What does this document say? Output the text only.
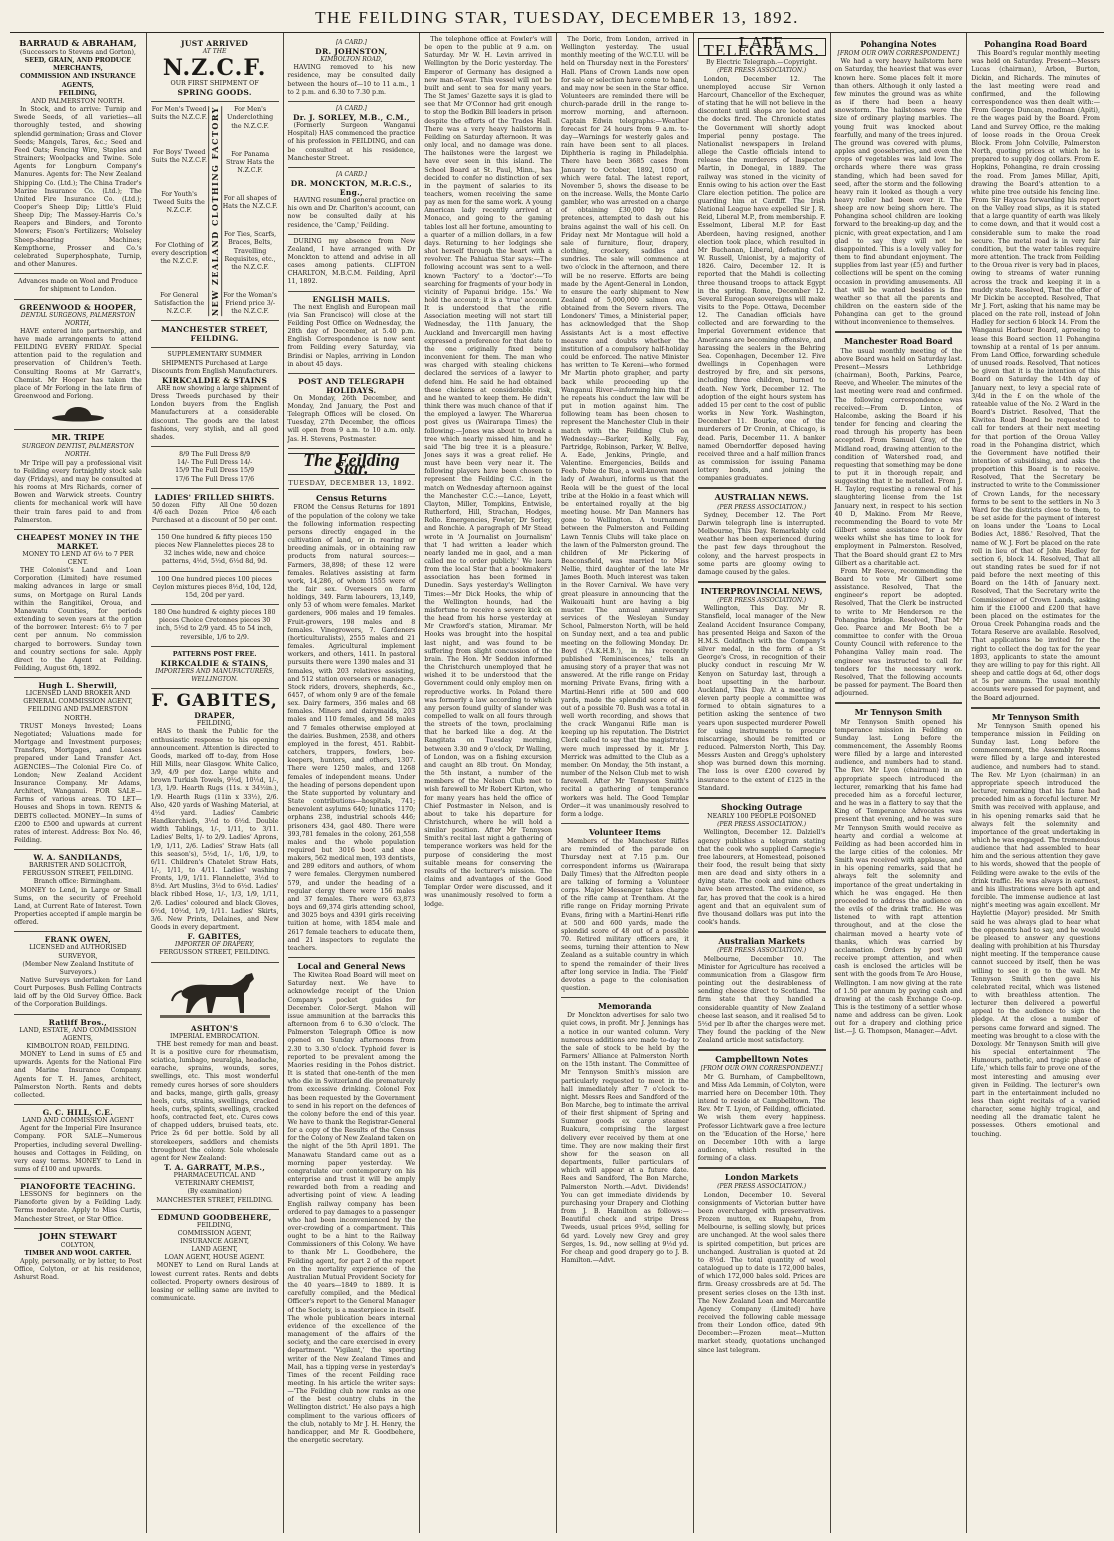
THE FEILDING STAR, TUESDAY, DECEMBER 13, 1892.
BARRAUD & ABRAHAM,
(Successors to Stevens and Gorton),
SEED, GRAIN, AND PRODUCE
MERCHANTS,
COMMISSION AND INSURANCE
AGENTS,
FEILDING,
AND PALMERSTON NORTH.

In Stock, and to arrive: Turnip and Swede Seeds, of all varieties—all thoroughly tested, and showing splendid germination; Grass and Clover Seeds; Mangels, Tares, &c.; Seed and Feed Oats; Fencing Wire, Staples and Strainers; Woolpacks and Twine. Sole Agents for Longburn Company's Manures. Agents for: The New Zealand Shipping Co. (Ltd.); The China Trader's Marine Insurance Co. (Ltd.); The United Fire Insurance Co. (Ltd.); Cooper's Sheep Dip; Little's Fluid Sheep Dip; The Massey-Harris Co.'s Reapers and Binders, and Toronto Mowers; Fison's Fertilizers; Wolseley Sheep-shearing Machines; Kempthorne, Prosser and Co.'s celebrated Superphosphate, Turnip, and other Manures.

Advances made on Wool and Produce for shipment to London.
GREENWOOD & HOOPER,
DENTAL SURGEONS, PALMERSTON NORTH,

HAVE entered into partnership, and have made arrangements to attend FEILDING EVERY FRIDAY. Special attention paid to the regulation and preservation of Children's Teeth. Consulting Rooms at Mr Garratt's, Chemist. Mr Hooper has taken the place of Mr Forlong in the late firm of Greenwood and Forlong.

MR. TRIPE
SURGEON DENTIST, PALMERSTON NORTH.

Mr Tripe will pay a professional visit to Feilding every fortnightly stock sale day (Fridays), and may be consulted at his rooms at Mrs Richards, corner of Bowen and Warwick streets. Country clients for mechanical work will have their train fares paid to and from Palmerston.

CHEAPEST MONEY IN THE MARKET.
MONEY TO LEND AT 6½ to 7 PER CENT.

THE Colonist's Land and Loan Corporation (Limited) have resumed making advances in large or small sums, on Mortgage on Rural Lands within the Rangitikei, Oroua, and Manawatu Counties, for periods extending to seven years at the option of the borrower. Interest: 6½ to 7 per cent per annum. No commission charged to borrowers. Sunday town and country sections for sale. Apply direct to the Agent at Feilding. Feilding, August 6th, 1892.

Hugh L. Sherwill,
LICENSED LAND BROKER AND
GENERAL COMMISSION AGENT,
FEILDING AND PALMERSTON NORTH.

TRUST Moneys Invested; Loans Negotiated; Valuations made for Mortgage and Investment purposes; Transfers, Mortgages, and Leases prepared under Land Transfer Act. AGENCIES—The Colonial Fire Co. of London; New Zealand Accident Insurance Company. Mr Adams, Architect, Wanganui. FOR SALE—Farms of various areas. TO LET—Houses and Shops in town. RENTS & DEBTS collected. MONEY—In sums of £200 to £500 and upwards at current rates of interest. Address: Box No. 46, Feilding.

W. A. SANDILANDS,
BARRISTER AND SOLICITOR,
FERGUSSON STREET, FEILDING.
Branch office: Birmingham.

MONEY to Lend, in Large or Small Sums, on the security of Freehold Land, at Current Rate of Interest. Town Properties accepted if ample margin be offered.

FRANK OWEN,
LICENSED and AUTHORISED
SURVEYOR,
(Member New Zealand Institute of Surveyors.)

Native Surveys undertaken for Land Court Purposes. Bush Felling Contracts laid off by the Old Survey Office. Back of the Corporation Buildings.

Ratliff Bros.,
LAND, ESTATE, AND COMMISSION AGENTS,
KIMBOLTON ROAD, FEILDING.

MONEY to Lend in sums of £5 and upwards. Agents for the National Fire and Marine Insurance Company. Agents for T. H. James, architect, Palmerston North. Rents and debts collected.

G. C. HILL, C.E.
LAND AND COMMISSION AGENT

Agent for the Imperial Fire Insurance Company. FOR SALE—Numerous Properties, including several Dwelling-houses and Cottages in Feilding, on very easy terms. MONEY to Lend in sums of £100 and upwards.

PIANOFORTE TEACHING.

LESSONS for beginners on the Pianoforte given by a Feilding Lady. Terms moderate. Apply to Miss Curtis, Manchester Street, or Star Office.

JOHN STEWART
COLYTON,
TIMBER AND WOOL CARTER.

Apply, personally, or by letter, to Post Office, Colyton, or at his residence, Ashurst Road.

JUST ARRIVED
AT THE
N.Z.C.F.
OUR FIRST SHIPMENT OF
SPRING GOODS.
For Men's Tweed Suits the N.Z.C.F.
For Boys' Tweed Suits the N.Z.C.F.
For Youth's Tweed Suits the N.Z.C.F.
For Clothing of every description the N.Z.C.F.
For General Satisfaction the N.Z.C.F.	NEW ZEALAND CLOTHING FACTORY	For Men's Underclothing the N.Z.C.F.
For Panama Straw Hats the N.Z.C.F.
For all shapes of Hats the N.Z.C.F.
For Ties, Scarfs, Braces, Belts, Travelling Requisites, etc., the N.Z.C.F.
For the Woman's Friend price 3/- the N.Z.C.F.
MANCHESTER STREET, FEILDING.
SUPPLEMENTARY SUMMER SHIPMENTS Purchased at Large Discounts from English Manufacturers.
KIRKCALDIE & STAINS

ARE now showing a large shipment of Dress Tweeds purchased by their London buyers from the English Manufacturers at a considerable discount. The goods are the latest fashions, very stylish, and all good shades.

8/9 The Full Dress 8/9
14/- The Full Dress 14/-
15/9 The Full Dress 15/9
17/6 The Full Dress 17/6
LADIES' FRILLED SHIRTS.
50 dozen 4/6 each
Fifty Dozen
All One Price
50 dozen 4/6 each
Purchased at a discount of 50 per cent.
150 One hundred & fifty pieces 150 pieces New Flannelettes pieces 28 to 32 inches wide, new and choice patterns, 4½d, 5½d, 6½d 8d, 9d.
100 One hundred pieces 100 pieces Ceylon mixtures pieces 8½d, 10d, 12d, 15d, 20d per yard.
180 One hundred & eighty pieces 180 pieces Choice Cretonnes pieces 30 inch, 5½d to 2/9 yard. 45 to 54 inch, reversible, 1/6 to 2/9.
PATTERNS POST FREE.
KIRKCALDIE & STAINS,
IMPORTERS AND MANUFACTURERS, WELLINGTON.
F. GABITES,
DRAPER,
FEILDING,

HAS to thank the Public for the enthusiastic response to his opening announcement. Attention is directed to Goods, marked off to-day, from Hose Hill Mills, near Glasgow. White Calico, 3/9, 4/9 per doz. Large white and brown Turkish Towels, 9½d, 10½d, 1/-, 1/3, 1/9. Hearth Rugs (11s. x 34½in.), 1/9. Hearth Rugs (11in x 33½), 2/6. Also, 420 yards of Washing Material, at 4½d yard. Ladies' Cambric Handkerchiefs, 3½d to 6½d. Double width Tablings, 1/-, 1/11, to 3/11. Ladies' Belts, 1/- to 2/9. Ladies' Aprons, 1/9, 1/11, 2/6. Ladies' Straw Hats (all this season's), 5½d, 1/-, 1/6, 1/9, to 6/11. Children's Chatelet Straw Hats, 1/-, 1/11, to 4/11. Ladies' washing Fronts, 1/9, 1/11. Flannelette, 3½d to 8½d. Art Muslins, 3½d to 6½d. Ladies' black ribbed Hose, 1/-, 1/3, 1/9, 1/11, 2/6. Ladies' coloured and black Gloves, 6½d, 10½d, 1/9, 1/11. Ladies' Skirts, 3/6. New Prints, Delaines, and New Goods in every department.

F. GABITES,
IMPORTER OF DRAPERY,
FERGUSSON STREET, FEILDING.
ASHTON'S
IMPERIAL EMBROCATION.

THE best remedy for man and beast. It is a positive cure for rheumatism, sciatica, lumbago, neuralgia, headache, earache, sprains, wounds, sores, swellings, etc. This most wonderful remedy cures horses of sore shoulders and backs, mange, girth galls, greasy heels, cuts, strains, swellings, cracked heels, curbs, splints, swellings, cracked hoofs, contracted feet, etc. Cures cows of chapped udders, bruised teats, etc. Price 2s 6d per bottle. Sold by all storekeepers, saddlers and chemists throughout the colony. Sole wholesale agent for New Zealand:

T. A. GARRATT, M.P.S.,
PHARMACEUTICAL AND VETERINARY CHEMIST,
(By examination)
MANCHESTER STREET, FEILDING.
EDMUND GOODBEHERE,
FEILDING,
COMMISSION AGENT,
INSURANCE AGENT,
LAND AGENT,
LOAN AGENT, HOUSE AGENT.

MONEY to Lend on Rural Lands at lowest current rates. Rents and debts collected. Property owners desirous of leasing or selling same are invited to communicate.

[A CARD.]
DR. JOHNSTON,
KIMBOLTON ROAD,

HAVING removed to his new residence, may be consulted daily between the hours of—10 to 11 a.m., 1 to 2 p.m. and 6.30 to 7.30 p.m.

[A CARD.]
Dr. J. SORLEY, M.B., C.M.,

(Formerly Surgeon Wanganui Hospital) HAS commenced the practice of his profession in FEILDING, and can be consulted at his residence, Manchester Street.

[A CARD.]
DR. MONCKTON, M.R.C.S., Eng.,

HAVING resumed general practice on his own and Dr. Charlton's account, can now be consulted daily at his residence, the 'Camp,' Feilding.

DURING my absence from New Zealand, I have arranged with Dr Monckton to attend and advise in all cases among patients. CLIFTON CHARLTON, M.B.C.M. Feilding, April 11, 1892.

ENGLISH MAILS.

The next English and European mail (via San Francisco) will close at the Feilding Post Office on Wednesday, the 28th day of December, at 5.40 p.m. English Correspondence is now sent from Feilding every Saturday, via Brindisi or Naples, arriving in London in about 45 days.

POST AND TELEGRAPH HOLIDAYS.

On Monday, 26th December, and Monday, 2nd January, the Post and Telegraph Offices will be closed. On Tuesday, 27th December, the offices will open from 9 a.m. to 10 a.m. only. Jas. H. Stevens, Postmaster.

The Feilding Star.
TUESDAY, DECEMBER 13, 1892.
Census Returns

FROM the Census Returns for 1891 of the population of the colony we take the following information respecting persons directly engaged in the cultivation of land, or in rearing or breeding animals, or in obtaining raw products from natural sources:—Farmers, 38,898; of these 12 were females. Relatives assisting at farm work, 14,286, of whom 1555 were of the fair sex. Overseers on farm holdings, 349. Farm labourers, 13,149, only 53 of whom were females. Market gardeners, 906 males and 19 females. Fruit-growers, 198 males and 8 females. Vinegrowers, 7. Gardeners (horticulturalists), 2555 males and 21 females. Agricultural implement workers, and others, 1411. In pastoral pursuits there were 1390 males and 31 females, with 203 relatives assisting, and 512 station overseers or managers. Stock riders, drovers, shepherds, &c., 6457, of whom only 9 are of the female sex. Dairy farmers, 356 males and 68 females. Miners and dairymaids, 203 males and 110 females, and 58 males and 7 females otherwise employed at the dairies. Bushmen, 2538, and others employed in the forest, 451. Rabbit-catchers, trappers, fowlers, bee-keepers, hunters, and others, 1307. There were 1250 males, and 1268 females of independent means. Under the heading of persons dependent upon the State supported by voluntary and State contributions—hospitals, 741; benevolent asylums 640; lunatics 1170; orphans 238, industrial schools 446; prisoners 434, gaol 480. There were 393,781 females in the colony, 261,558 males and the whole population required but 3016 boot and shoe makers, 562 medical men, 193 dentists, and 289 editors and authors, of whom 7 were females. Clergymen numbered 579, and under the heading of a regular clergy there were 156 males and 37 females. There were 63,873 boys and 69,374 girls attending school, and 3025 boys and 4391 girls receiving tuition at home, with 1854 male and 2617 female teachers to educate them, and 21 inspectors to regulate the teachers.

Local and General News

The Kiwitea Road Board will meet on Saturday next. We have to acknowledge receipt of the Union Company's pocket guides for December. Color-Sergt. Mahon will issue ammunition at the barracks this afternoon from 6 to 6.30 o'clock. The Palmerston Telegraph Office is now opened on Sunday afternoons from 2.30 to 3.30 o'clock. Typhoid fever is reported to be prevalent among the Maories residing in the Pohos district. It is stated that one-tenth of the men who die in Switzerland die prematurely from excessive drinking. Colonel Fox has been requested by the Government to send in his report on the defences of the colony before the end of this year. We have to thank the Registrar-General for a copy of the Results of the Census for the Colony of New Zealand taken on the night of the 5th April 1891. The Manawatu Standard came out as a morning paper yesterday. We congratulate our contemporary on his enterprise and trust it will be amply rewarded both from a reading and advertising point of view. A leading English railway company has been ordered to pay damages to a passenger who had been inconvenienced by the over-crowding of a compartment. This ought to be a hint to the Railway Commissioners of this Colony. We have to thank Mr L. Goodbehere, the Feilding agent, for part 2 of the report on the mortality experience of the Australian Mutual Provident Society for the 40 years—1849 to 1889. It is carefully compiled, and the Medical Officer's report to the General Manager of the Society, is a masterpiece in itself. The whole publication bears internal evidence of the excellence of the management of the affairs of the society, and the care exercised in every department. 'Vigilant,' the sporting writer of the New Zealand Times and Mail, has a tipping verse in yesterday's Times of the recent Feilding race meeting. In his article the writer says:—'The Feilding club now ranks as one of the best country clubs in the Wellington district.' He also pays a high compliment to the various officers of the club, notably to Mr J. H. Henry, the handicapper, and Mr R. Goodbehere, the energetic secretary.

The telephone office at Fowler's will be open to the public at 9 a.m. on Saturday. Mr W. H. Levin arrived in Wellington by the Doric yesterday. The Emperor of Germany has designed a new man-of-war. This vessel will not be built and sent to sea for many years. The St James' Gazette says it is glad to see that Mr O'Connor had grit enough to stop the Bodkin Bill leaders in prison despite the efforts of the Trades Hall. There was a very heavy hailstorm in Feilding on Saturday afternoon. It was only local, and no damage was done. The hailstones were the largest we have ever seen in this island. The School Board at St. Paul, Minn., has decided to confer no distinction of sex in the payment of salaries to its teachers, women receiving the same pay as men for the same work. A young American lady recently arrived at Monaco, and going to the gaming tables lost all her fortune, amounting to a quarter of a million dollars, in a few days. Returning to her lodgings she shot herself through the heart with a revolver. The Pahiatua Star says:—The following account was sent to a well-known 'Factory' to a 'doctor':—'To searching for fragments of your body in vicinity of Papanui bridge. 15s.' We hold the account; it is a 'true' account. It is understood that the rifle Association meeting will not start till Wednesday, the 11th January, the Auckland and Invercargill men having expressed a preference for that date to the one originally fixed being inconvenient for them. The man who was charged with stealing chickens declared the services of a lawyer to defend him. He said he had obtained these chickens at considerable risk, and he wanted to keep them. He didn't think there was much chance of that if the employed a lawyer. The Wharerua post gives us (Wairarapa Times) the following:—Jones was about to break a tree which nearly missed him, and he said 'The big tree it is a pleasure.' Jones says it was a great relief. He must have been very near it. The following players have been chosen to represent the Feilding C.C. in the match on Wednesday afternoon against the Manchester C.C.:—Lance, Leyett, Clayton, Miller, Tompkins, Entwisle, Rutherford, Hill, Strachan, Hodges, Rollo. Emergencies, Fowler, Dr Sorley, and Ronchie. A paragraph of Mr Stead wrote in 'A Journalist on Journalism' that 'I had written a leader which nearly landed me in gaol, and a man called me to order publicly.' We learn from the local Star that a bookmakers' association has been formed in Dunedin. Says yesterday's Wellington Times:—Mr Dick Hooks, the whip of the Wellington hounds, had the misfortune to receive a severe kick on the head from his horse yesterday at Mr Crawford's station, Miramar. Mr Hooks was brought into the hospital last night, and was found to be suffering from slight concussion of the brain. The Hon. Mr Seddon informed the Christchurch unemployed that he wished it to be understood that the Government could only employ men on reproductive works. In Poland there was formerly a law according to which any person found guilty of slander was compelled to walk on all fours through the streets of the town, proclaiming that he barked like a dog. At the Rangitata on Tuesday morning, between 3.30 and 9 o'clock, Dr Walling, of London, was on a fishing excursion and caught an 8lb trout. On Monday, the 5th instant, a number of the members of the Nelson Club met to wish farewell to Mr Robert Kirton, who for many years has held the office of Chief Postmaster in Nelson, and is about to take his departure for Christchurch, where he will hold a similar position. After Mr Tennyson Smith's recital last night a gathering of temperance workers was held for the purpose of considering the most suitable means for conserving the results of the lecturer's mission. The claims and advantages of the Good Templar Order were discussed, and it was unanimously resolved to form a lodge.

The Doric, from London, arrived in Wellington yesterday. The usual monthly meeting of the W.C.T.U. will be held on Thursday next in the Foresters' Hall. Plans of Crown Lands now open for sale or selection have come to hand, and may now be seen in the Star office. Volunteers are reminded there will be church-parade drill in the range to-morrow morning, and afternoon. Captain Edwin telegraphs:—Weather forecast for 24 hours from 9 a.m. to-day—Warnings for westerly gales and rain have been sent to all places. Diphtheria is raging in Philadelphia. There have been 3685 cases from January to October, 1892, 1050 of which were fatal. The latest report, November 5, shows the disease to be on the increase. Wells, the Monte Carlo gambler, who was arrested on a charge of obtaining £30,000 by false pretences, attempted to dash out his brains against the wall of his cell. On Friday next Mr Montague will hold a sale of furniture, flour, drapery, clothing, crockery, saddles and sundries. The sale will commence at two o'clock in the afternoon, and there will be no reserve. Efforts are being made by the Agent-General in London, to ensure the early shipment to New Zealand of 5,000,000 salmon ova, obtained from the Severn rivers. The Londoners' Times, a Ministerial paper, has acknowledged that the Shop Assistants Act is a most effective measure and doubts whether the institution of a compulsory half-holiday could be enforced. The native Minister has written to Te Kereni—who formed Mr Martin photo grapher, and party back while proceeding up the Wanganui River—informing him that if he repeats his conduct the law will be put in motion against him. The following team has been chosen to represent the Manchester Club in their match with the Feilding Club on Wednesday:—Barker, Kelly, Fay, Partridge, Robinson, Parker, W. Bellve, A. Eade, Jenkins, Pringle, and Valentine. Emergencies, Beilds and Feeb. Pobe de Rue, a well-known maori lady of Awahuri, informs us that the Reola will be the guest of the local tribe at the Hokio in a feast which will be entertained royally at the big meeting house. Mr Dan Manners has gone to Wellington. A tournament between the Palmerston and Feilding Lawn Tennis Clubs will take place on the lawn of the Palmerston ground. The children of Mr Pickering of Beaconsfield, was married to Miss Nellie, third daughter of the late Mr James Booth. Much interest was taken in the Rover Carnival. We have very great pleasure in announcing that the Waikouaiti hunt are having a big muster. The annual anniversary services of the Wesleyan Sunday School, Palmerston North, will be held on Sunday next, and a tea and public meeting on the following Monday. Dr. Boyd ('A.K.H.B.'), in his recently published 'Reminiscences,' tells an amusing story of a prayer that was not answered. At the rifle range on Friday morning Private Evans, firing with a Martini-Henri rifle at 500 and 600 yards, made the splendid score of 48 out of a possible 70. Bush was a total in well worth recording, and shows that the crack Wanganui Rifle man is keeping up his reputation. The District Clerk called to say that the magistrates were much impressed by it. Mr J. Merrick was admitted to the Club as a member. On Monday, the 5th instant, a number of the Nelson Club met to wish farewell. After Mr Tennyson Smith's recital a gathering of temperance workers was held. The Good Templar Order—it was unanimously resolved to form a lodge.

Volunteer Items

Members of the Manchester Rifles are reminded of the parade on Thursday next at 7.15 p.m. Our correspondent informs us (Wairarapa Daily Times) that the Alfredton people are talking of forming a Volunteer corps. Major Messenger takes charge of the rifle camp at Trentham. At the rifle range on Friday morning Private Evans, firing with a Martini-Henri rifle at 500 and 600 yards, made the splendid score of 48 out of a possible 70. Retired military officers are, it seems, turning their attention to New Zealand as a suitable country in which to spend the remainder of their lives after long service in India. The 'Field' devotes a page to the colonisation question.

Memoranda

Dr Monckton advertises for salo two quiet cows, in profit. Mr J. Jennings has a notice in our wanted column. Very numerous additions are made to-day to the sale of stock to be held by the Farmers' Alliance at Palmerston North on the 15th instant. The Committee of Mr Tennyson Smith's mission are particularly requested to meet in the hall immediately after 7 o'clock to-night. Messrs Rees and Sandford of the Bon Marche, beg to intimate the arrival of their first shipment of Spring and Summer goods ex cargo steamer Ruakura, comprising the largest delivery ever received by them at one time. They are now making their first show for the season on all departments, fuller particulars of which will appear at a future date. Rees and Sandford, The Bon Marche, Palmerston North.—Advt. Dividends! You can get immediate dividends by purchasing your Drapery and Clothing from J. B. Hamilton as follows:—Beautiful check and stripe Dress Tweeds, usual prices 9½d, selling for 6d yard. Lovely new Grey and grey Serges, 1s. 9d., now selling at 9½d yd. For cheap and good drapery go to J. B. Hamilton.—Advt.

LATE TELEGRAMS.
By Electric Telegraph.—Copyright.
(PER PRESS ASSOCIATION.)

London, December 12. The unemployed accuse Sir Vernon Harcourt, Chancellor of the Exchequer, of stating that he will not believe in the discontent until shops are looted and the docks fired. The Chronicle states the Government will shortly adopt Imperial penny postage. The Nationalist newspapers in Ireland allege the Castle officials intend to release the murderers of Inspector Martin, in Donegal, in 1889. The railway was stoned in the vicinity of Ennis owing to his action over the East Clare election petition. The police are guarding him at Cardiff. The Irish National League have expelled Sir J. R. Reid, Liberal M.P., from membership. F. Esselmont, Liberal M.P. for East Aberdeen, having resigned, another election took place, which resulted in Mr Buchanan, Liberal, defeating Col. W. Russell, Unionist, by a majority of 1826. Cairo, December 12. It is reported that the Mahdi is collecting three thousand troops to attack Egypt in the spring. Rome, December 12. Several European sovereigns will make visits to the Pope. Ottawa, December 12. The Canadian officials have collected and are forwarding to the Imperial Government evidence that Americans are becoming offensive, and harassing the sealers in the Behring Sea. Copenhagen, December 12. Five dwellings in Copenhagen were destroyed by fire, and six persons, including three children, burned to death. New York, December 12. The adoption of the eight hours system has added 15 per cent to the cost of public works in New York. Washington, December 11. Bourke, one of the murderers of Dr Cronin, at Chicago, is dead. Paris, December 11. A banker named Oberndorffer deposed having received three and a half million francs as commission for issuing Panama lottery bonds, and joining the companies graduates.

AUSTRALIAN NEWS.
(PER PRESS ASSOCIATION.)

Sydney, December 12. The Port Darwin telegraph line is interrupted. Melbourne, This Day. Remarkably cold weather has been experienced during the past few days throughout the colony, and the harvest prospects in some parts are gloomy owing to damage caused by the gales.

INTERPROVINCIAL NEWS,
(PER PRESS ASSOCIATION.)

Wellington, This Day. Mr R. Stansfield, local manager of the New Zealand Accident Insurance Company, has presented Heiga and Saxon of the H.M.S. Goldfinch with the Company's silver medal, in the form of a St George's Cross, in recognition of their plucky conduct in rescuing Mr W. Kenyon on Saturday last, through a boat upsetting in the harbour. Auckland, This Day. At a meeting of eleven party people a committee was formed to obtain signatures to a petition asking the sentence of two years upon suspected murderer Powell for using instruments to procure miscarriage, should be remitted or reduced. Palmerston North, This Day. Messrs Austen and Gregg's upholstery shop was burned down this morning. The loss is over £200 covered by insurance to the extent of £125 in the Standard.

Shocking Outrage
NEARLY 100 PEOPLE POISONED
(PER PRESS ASSOCIATION.)

Wellington, December 12. Dalziell's agency publishes a telegram stating that the cook who supplied Carnegie's free labourers, at Homestead, poisoned their food, the result being that sixty men are dead and sixty others in a dying state. The cook and nine others have been arrested. The evidence, so far, has proved that the cook is a hired agent and that an equivalent sum of five thousand dollars was put into the cook's hands.

Australian Markets
(PER PRESS ASSOCIATION.)

Melbourne, December 10. The Minister for Agriculture has received a communication from a Glasgow firm pointing out the desirableness of sending cheese direct to Scotland. The firm state that they handled a considerable quantity of New Zealand cheese last season, and it realised 5d to 5½d per lb after the charges were met. They found the packing of the New Zealand article most satisfactory.

Campbelltown Notes
[FROM OUR OWN CORRESPONDENT.]

Mr G. Burnham, of Campbelltown, and Miss Ada Lemmin, of Colyton, were married here on December 10th. They intend to reside at Campbelltown. The Rev. Mr T. Lyon, of Feilding, officiated. We wish them every happiness. Professor Lichtwark gave a free lecture on the 'Education of the Horse,' here on December 10th with a large audience, which resulted in the forming of a class.

London Markets
(PER PRESS ASSOCIATION.)

London, December 10. Several consignments of Victorian butter have been overcharged with preservatives. Frozen mutton, ex Ruapehu, from Melbourne, is selling slowly, but prices are unchanged. At the wool sales there is spirited competition, but prices are unchanged. Australian is quoted at 2d to 8½d. The total quantity of wool catalogued up to date is 172,000 bales, of which 172,000 bales sold. Prices are firm. Greasy crossbreds are at 5d. The present series closes on the 13th inst. The New Zealand Loan and Mercantile Agency Company (Limited) have received the following cable message from their London office, dated 9th December:—Frozen meat—Mutton market steady, quotations unchanged since last telegram.

Pohangina Notes
[FROM OUR OWN CORRESPONDENT.]

We had a very heavy hailstorm here on Saturday, the heaviest that was ever known here. Some places felt it more than others. Although it only lasted a few minutes the ground was as white as if there had been a heavy snowstorm. The hailstones were the size of ordinary playing marbles. The young fruit was knocked about fearfully, and many of the trees injured. The ground was covered with plums, apples and gooseberries, and even the crops of vegetables was laid low. The orchards where there was grass standing, which had been saved for seed, after the storm and the following heavy rain it looked as though a very heavy roller had been over it. The sheep are now being shorn here. The Pohangina school children are looking forward to the breaking-up day, and the picnic, with great expectation, and I am glad to say they will not be disappointed. This is a lovely valley for them to find abundant enjoyment. The supplies from last year (£5) and further collections will be spent on the coming occasion in providing amusements. All that will be wanted besides is fine weather so that all the parents and children on the eastern side of the Pohangina can get to the ground without inconvenience to themselves.

Manchester Road Board

The usual monthly meeting of the above Board was held on Saturday last. Present—Messrs Lethbridge (chairman), Booth, Parkins, Pearce, Reeve, and Wheeler. The minutes of the last meeting were read and confirmed. The following correspondence was received:—From D. Linton, of Halcombe, asking the Board if his tender for fencing and clearing the road through his property has been accepted. From Samuel Gray, of the Midland road, drawing attention to the condition of Watershed road, and requesting that something may be done to put it in thorough repair, and suggesting that it be metalled. From J. H. Taylor, requesting a renewal of his slaughtering license from the 1st January next, in respect to his section 40 D, Makino. From Mr Reeve, recommending the Board to vote Mr Gilbert some assistance for a few weeks whilst she has time to look for employment in Palmerston. Resolved, That the Board should grant £2 to Mrs Gilbert as a charitable act.

From Mr Reeve, recommending the Board to vote Mr Gilbert some assistance. Resolved, That the engineer's report be adopted. Resolved, That the Clerk be instructed to write to Mr Henderson re the Pohangina bridge. Resolved, That Mr Geo. Pearce and Mr Booth be a committee to confer with the Oroua County Council with reference to the Pohangina Valley main road. The engineer was instructed to call for tenders for the necessary work. Resolved, That the following accounts be passed for payment. The Board then adjourned.

Mr Tennyson Smith

Mr Tennyson Smith opened his temperance mission in Feilding on Sunday last. Long before the commencement, the Assembly Rooms were filled by a large and interested audience, and numbers had to stand. The Rev. Mr Lyon (chairman) in an appropriate speech introduced the lecturer, remarking that his fame had preceded him as a forceful lecturer, and he was in a flattery to say that the King of Temperance Advocates was present that evening, and he was sure Mr Tennyson Smith would receive as hearty and cordial a welcome at Feilding as had been accorded him in the large cities of the colonies. Mr Smith was received with applause, and in his opening remarks, said that he always felt the solemnity and importance of the great undertaking in which he was engaged. He then proceeded to address the audience on the evils of the drink traffic. He was listened to with rapt attention throughout, and at the close the chairman moved a hearty vote of thanks, which was carried by acclamation. Orders by post will receive prompt attention, and when cash is enclosed the articles will be sent with the goods from Te Aro House, Wellington. I am now giving at the rate of 1.50 per annum by paying cash and drawing at the cash Exchange Co-op. This is the testimony of a settler whose name and address can be given. Look out for a drapery and clothing price list.—J. G. Thompson, Manager.—Advt.

Pohangina Road Board

This Board's regular monthly meeting was held on Saturday. Present—Messrs Lucas (chairman), Arbon, Burton, Dickin, and Richards. The minutes of the last meeting were read and confirmed, and the following correspondence was then dealt with:—From George Duncan, roadman (Apiti), re the wages paid by the Board. From Land and Survey Office, re the making of loose roads in the Oroua Creek Block. From John Colville, Palmerston North, quoting prices at which he is prepared to supply dog collars. From E. Hopkins, Pohangina, re drain crossing the road. From James Millar, Apiti, drawing the Board's attention to a white pine tree outside his fencing line. From Sir Haycas forwarding his report on the Valley road slips, as it is stated that a large quantity of earth was likely to come down, and that it would cost a considerable sum to make the road secure. The metal road is in very fair condition, but the water tables require more attention. The track from Feilding to the Oroua river is very bad in places, owing to streams of water running across the track and keeping it in a muddy state. Resolved, That the offer of Mr Dickin be accepted. Resolved, That Mr J. Fort, asking that his name may be placed on the rate roll, instead of John Hadley for section 6 block 14. From the Wanganui Harbour Board, agreeing to lease this Board section 11 Pohangina township at a rental of 1s per annum. From Land Office, forwarding schedule of unused roads. Resolved, That notices be given that it is the intention of this Board on Saturday the 14th day of January next, to levy a special rate of 3/4d in the £ on the whole of the rateable value of the No. 2 Ward in the Board's District. Resolved, That the Kiwitea Road Board be requested to call for tenders at their next meeting for that portion of the Oroua Valley road in the Pohangina district, which the Government have notified their intention of subsidising, and asks the proportion this Board is to receive. Resolved, That the Secretary be instructed to write to the Commissioner of Crown Lands, for the necessary forms to be sent to the settlers in No 3 Ward for the districts close to them, to be set aside for the payment of interest on loans under the 'Loans to Local Bodies Act, 1886.' Resolved, That the name of W. J. Fort be placed on the rate roll in lieu of that of John Hadley for section 6, block 14. Resolved, That all out standing rates be sued for if not paid before the next meeting of this Board on the 14th of January next. Resolved, That the Secretary write the Commissioner of Crown Lands, asking him if the £1000 and £200 that have been placed on the estimates for the Oroua Creek Pohangina roads and the Totara Reserve are available. Resolved, That applications be invited for the right to collect the dog tax for the year 1893, applicants to state the amount they are willing to pay for this right. All sheep and cattle dogs at 6d, other dogs at 5s per annum. The usual monthly accounts were passed for payment, and the Board adjourned.

Mr Tennyson Smith

Mr Tennyson Smith opened his temperance mission in Feilding on Sunday last. Long before the commencement, the Assembly Rooms were filled by a large and interested audience, and numbers had to stand. The Rev. Mr Lyon (chairman) in an appropriate speech introduced the lecturer, remarking that his fame had preceded him as a forceful lecturer. Mr Smith was received with applause, and in his opening remarks said that he always felt the solemnity and importance of the great undertaking in which he was engaged. The tremendous audience that had assembled to hear him and the serious attention they gave to his words, showed that the people of Feilding were awake to the evils of the drink traffic. He was always in earnest, and his illustrations were both apt and forcible. The immense audience at last night's meeting was again excellent. Mr Haylettie (Mayor) presided. Mr Smith said he was always glad to hear what the opponents had to say, and he would be pleased to answer any questions dealing with prohibition at his Thursday night meeting. If the temperance cause cannot succeed by itself, then he was willing to see it go to the wall. Mr Tennyson Smith then gave his celebrated recital, which was listened to with breathless attention. The lecturer then delivered a powerful appeal to the audience to sign the pledge. At the close a number of persons came forward and signed. The meeting was brought to a close with the Doxology. Mr Tennyson Smith will give his special entertainment 'The Humours, pathetic, and tragic phase of Life,' which tells fair to prove one of the most interesting and amusing ever given in Feilding. The lecturer's own part in the entertainment included no less than eight recitals of a varied character, some highly tragical, and needing all the dramatic talent he possesses. Others emotional and touching.
